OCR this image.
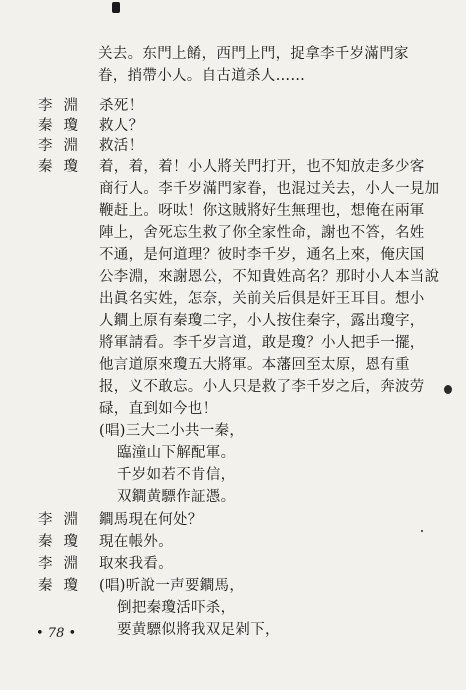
关去。东門上餚，西門上門，捉拿李千岁滿門家
眷，捎帶小人。自古道杀人……
李淵 杀死！
秦瓊 救人？
李淵 救活！
秦瓊 着，着，着！小人將关門打开，也不知放走多少客
商行人。李千岁滿門家眷，也混过关去，小人一見加
鞭赶上。呀呔！你这賊將好生無理也，想俺在兩軍
陣上，舍死忘生救了你全家性命，謝也不答，名姓
不通，是何道理？彼时李千岁，通名上來，俺庆国
公李淵，來謝恩公，不知貴姓高名？那时小人本当說
出眞名实姓，怎奈，关前关后俱是奸王耳目。想小
人鐧上原有秦瓊二字，小人按住秦字，露出瓊字，
將軍請看。李千岁言道，敢是瓊？小人把手一擺，
他言道原來瓊五大將軍。本藩回至太原，恩有重
报，义不敢忘。小人只是救了李千岁之后，奔波劳
碌，直到如今也！
(唱)三大二小共一秦，
臨潼山下解配軍。
千岁如若不肯信，
双鐧黄驃作証憑。
李淵 鐧馬現在何处？
秦瓊 現在帳外。
李淵 取來我看。
秦瓊 (唱)听說一声要鐧馬，
倒把秦瓊活吓杀，
要黄驃似將我双足剁下，
• 78 •
